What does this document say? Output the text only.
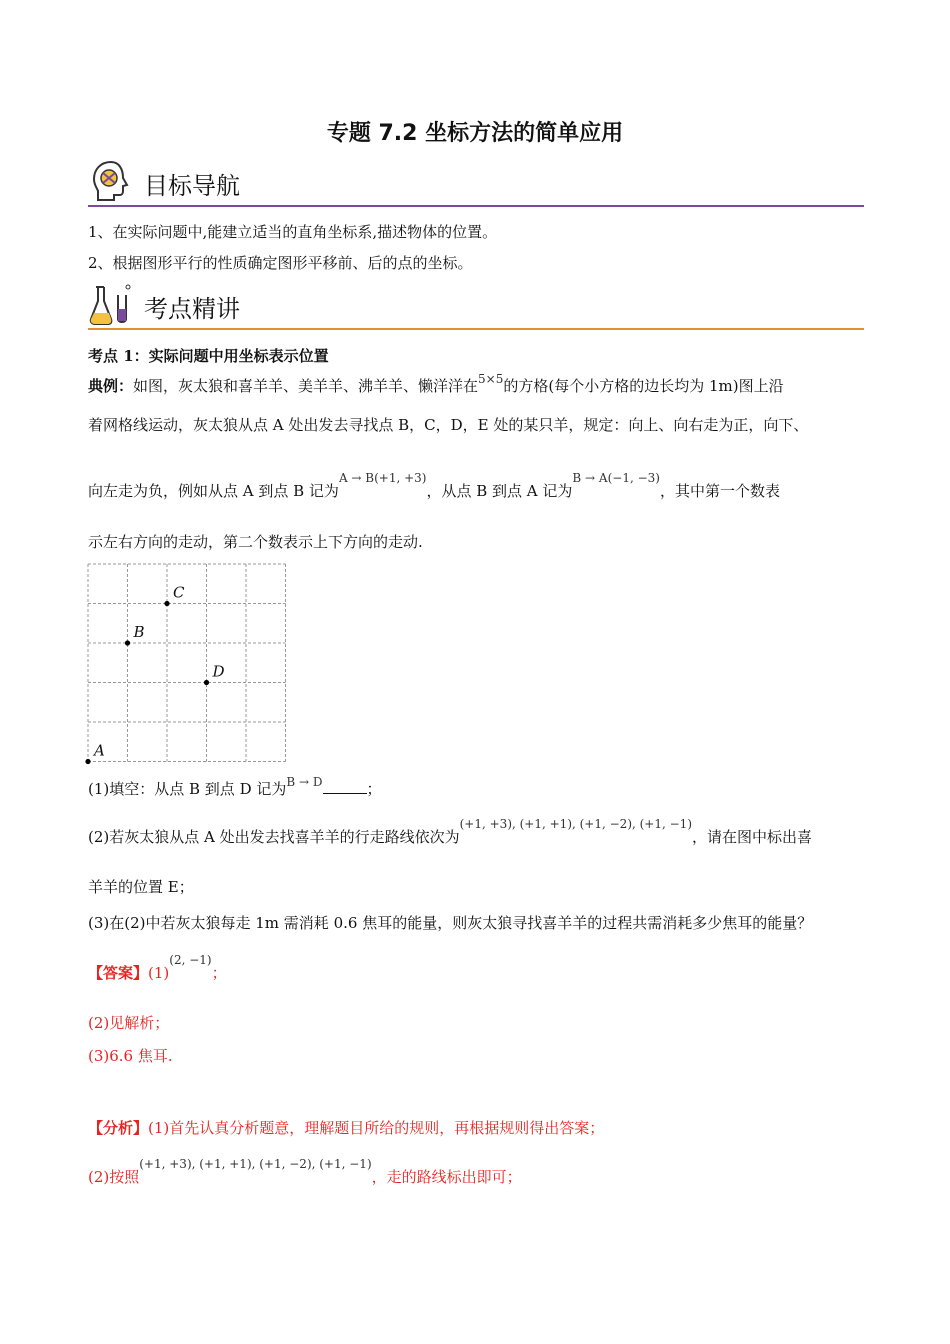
专题 7.2 坐标方法的简单应用
目标导航
1、在实际问题中,能建立适当的直角坐标系,描述物体的位置。
2、根据图形平行的性质确定图形平移前、后的点的坐标。
考点精讲
考点 1：实际问题中用坐标表示位置
典例：如图，灰太狼和喜羊羊、美羊羊、沸羊羊、懒洋洋在$^{5\times 5}$的方格(每个小方格的边长均为 1m)图上沿
着网格线运动，灰太狼从点 A 处出发去寻找点 B，C，D，E 处的某只羊，规定：向上、向右走为正，向下、
向左走为负，例如从点 A 到点 B 记为$^{A \to B(+1, +3)}$，从点 B 到点 A 记为$^{B \to A(-1, -3)}$，其中第一个数表
示左右方向的走动，第二个数表示上下方向的走动.
A
B
C
D
(1)填空：从点 B 到点 D 记为$^{B \to D}$	；
(2)若灰太狼从点 A 处出发去找喜羊羊的行走路线依次为$^{(+1, +3), (+1, +1), (+1, -2), (+1, -1)}$，请在图中标出喜
羊羊的位置 E；
(3)在(2)中若灰太狼每走 1m 需消耗 0.6 焦耳的能量，则灰太狼寻找喜羊羊的过程共需消耗多少焦耳的能量？
【答案】$(1)^{(2, -1)}$；
(2)见解析；
(3)6.6 焦耳.
【分析】(1)首先认真分析题意，理解题目所给的规则，再根据规则得出答案；
(2)按照$^{(+1, +3), (+1, +1), (+1, -2), (+1, -1)}$，走的路线标出即可；
